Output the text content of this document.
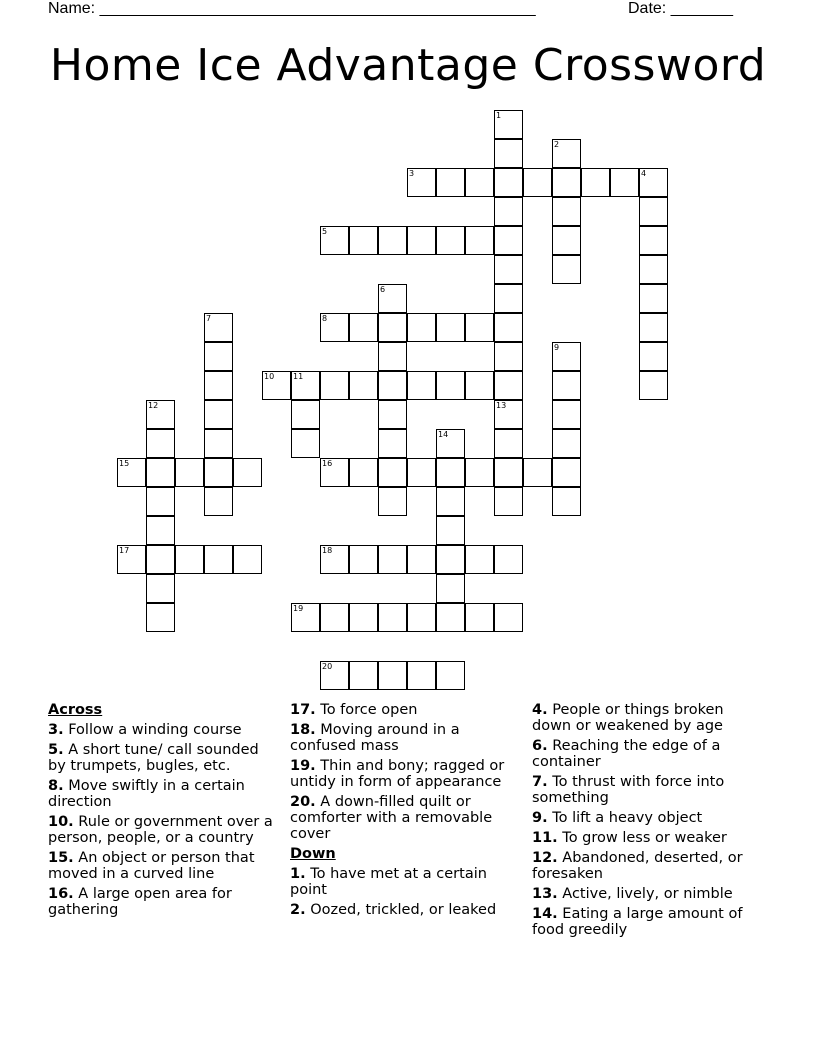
Name: _________________________________________________	Date: _______
Home Ice Advantage Crossword
3	4
5
8
10 11
15	16
17	18
19
20
1
13
2
6
7
9
12
14
Across
3. Follow a winding course
5. A short tune/ call sounded by trumpets, bugles, etc.
8. Move swiftly in a certain direction
10. Rule or government over a person, people, or a country
15. An object or person that moved in a curved line
16. A large open area for gathering
17. To force open
18. Moving around in a confused mass
19. Thin and bony; ragged or untidy in form of appearance
20. A down-filled quilt or comforter with a removable cover
Down
1. To have met at a certain point
2. Oozed, trickled, or leaked
4. People or things broken down or weakened by age
6. Reaching the edge of a container
7. To thrust with force into something
9. To lift a heavy object
11. To grow less or weaker
12. Abandoned, deserted, or foresaken
13. Active, lively, or nimble
14. Eating a large amount of food greedily
